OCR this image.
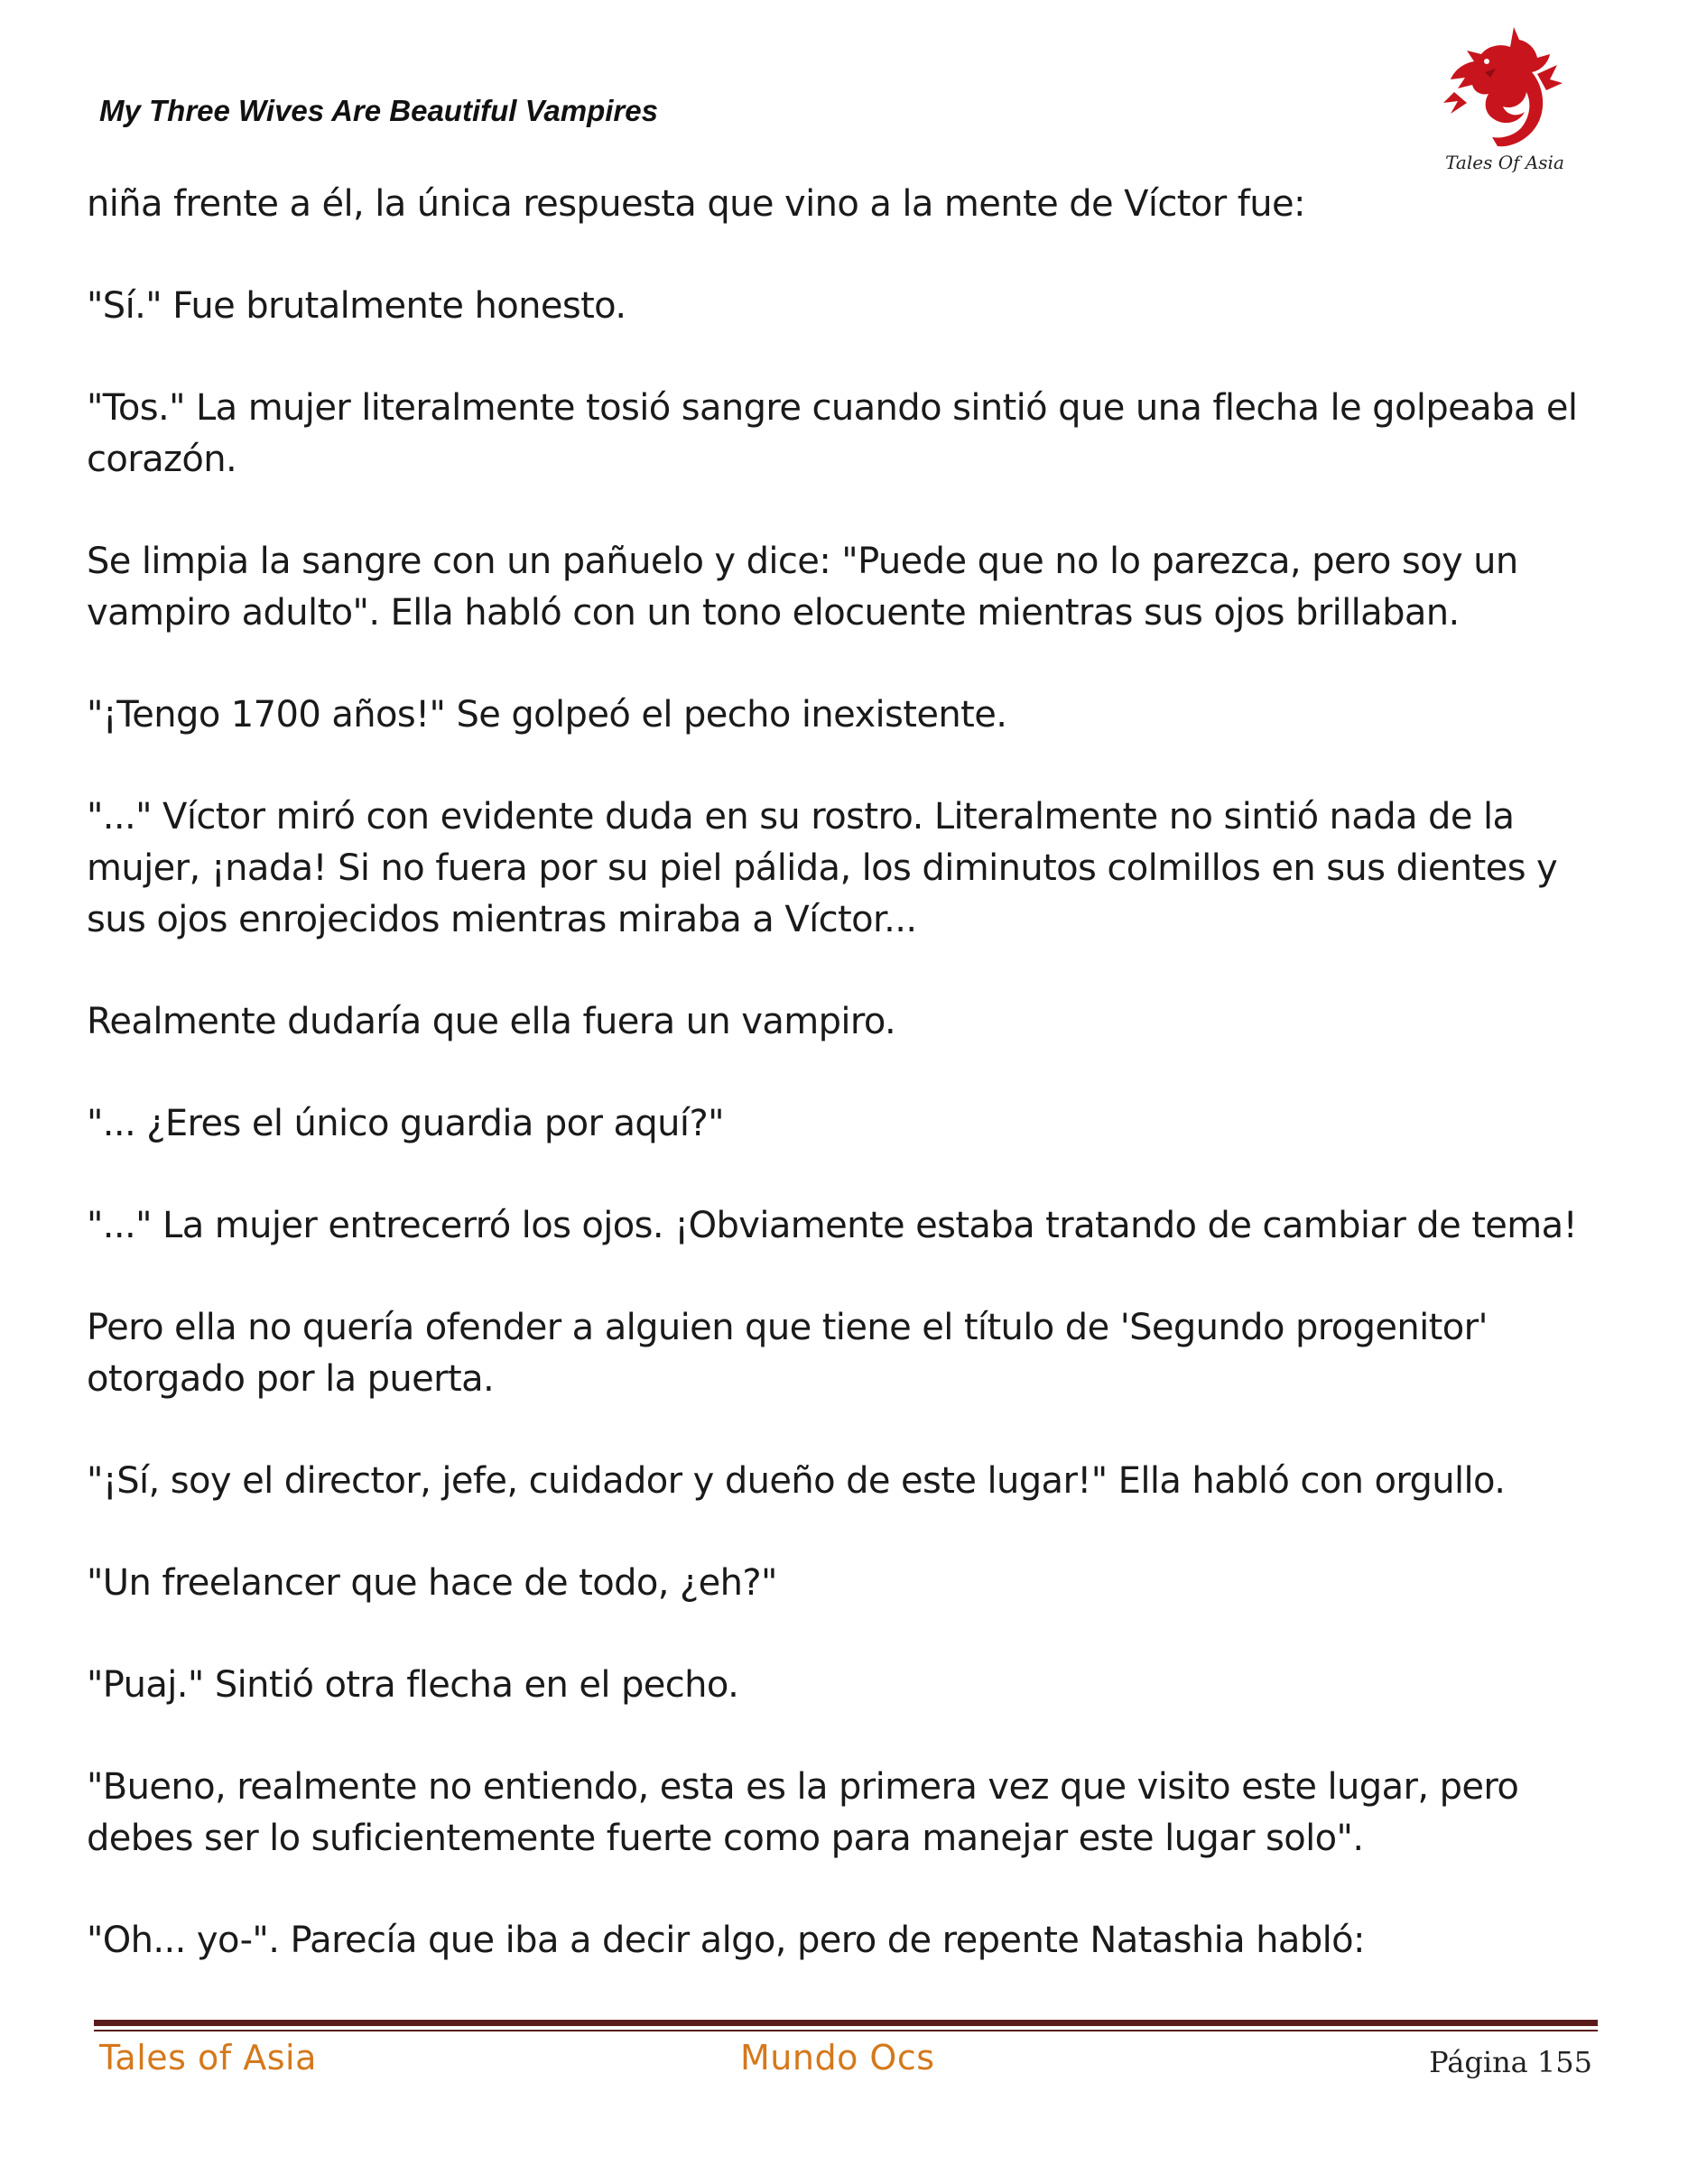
My Three Wives Are Beautiful Vampires
Tales Of Asia

niña frente a él, la única respuesta que vino a la mente de Víctor fue:

"Sí." Fue brutalmente honesto.

"Tos." La mujer literalmente tosió sangre cuando sintió que una flecha le golpeaba el corazón.

Se limpia la sangre con un pañuelo y dice: "Puede que no lo parezca, pero soy un vampiro adulto". Ella habló con un tono elocuente mientras sus ojos brillaban.

"¡Tengo 1700 años!" Se golpeó el pecho inexistente.

"..." Víctor miró con evidente duda en su rostro. Literalmente no sintió nada de la mujer, ¡nada! Si no fuera por su piel pálida, los diminutos colmillos en sus dientes y sus ojos enrojecidos mientras miraba a Víctor...

Realmente dudaría que ella fuera un vampiro.

"... ¿Eres el único guardia por aquí?"

"..." La mujer entrecerró los ojos. ¡Obviamente estaba tratando de cambiar de tema!

Pero ella no quería ofender a alguien que tiene el título de 'Segundo progenitor' otorgado por la puerta.

"¡Sí, soy el director, jefe, cuidador y dueño de este lugar!" Ella habló con orgullo.

"Un freelancer que hace de todo, ¿eh?"

"Puaj." Sintió otra flecha en el pecho.

"Bueno, realmente no entiendo, esta es la primera vez que visito este lugar, pero debes ser lo suficientemente fuerte como para manejar este lugar solo".

"Oh... yo-". Parecía que iba a decir algo, pero de repente Natashia habló:

Tales of Asia	Mundo Ocs	Página 155
